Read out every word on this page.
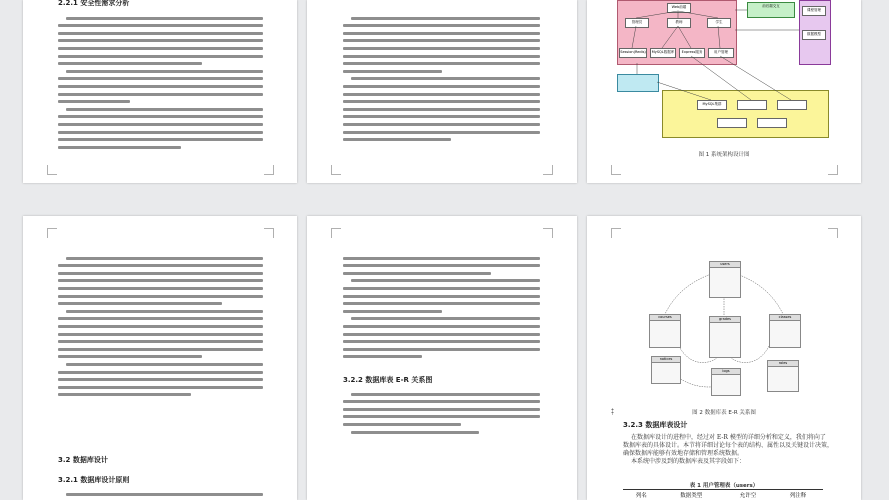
2.2.1 安全性需求分析	Web前端
管理员	教师	学生
Session(Redis)	MySQL数据库	Express服务	用户管理
前后端交互
课程管理
数据模型
MySQL集群
图 1 系统架构设计图
3.2 数据库设计
3.2.1 数据库设计原则
3.2.2 数据库表 E-R 关系图
users
courses	grades	classes
notices
logs
roles
图 2 数据库表 E-R 关系图
3.2.3 数据库表设计
在数据库设计的进程中，经过对 E-R 模型的详细分析和定义，我们将向了
数据库表的具体设计。本节将详细讨论每个表的结构、属性以及关键设计决策，
确保数据库能够有效地存储和管理系统数据。
本系统中涉及到的数据库表及其字段如下：
表 1 用户管理表（users）
列名	数据类型	允许空	列注释
